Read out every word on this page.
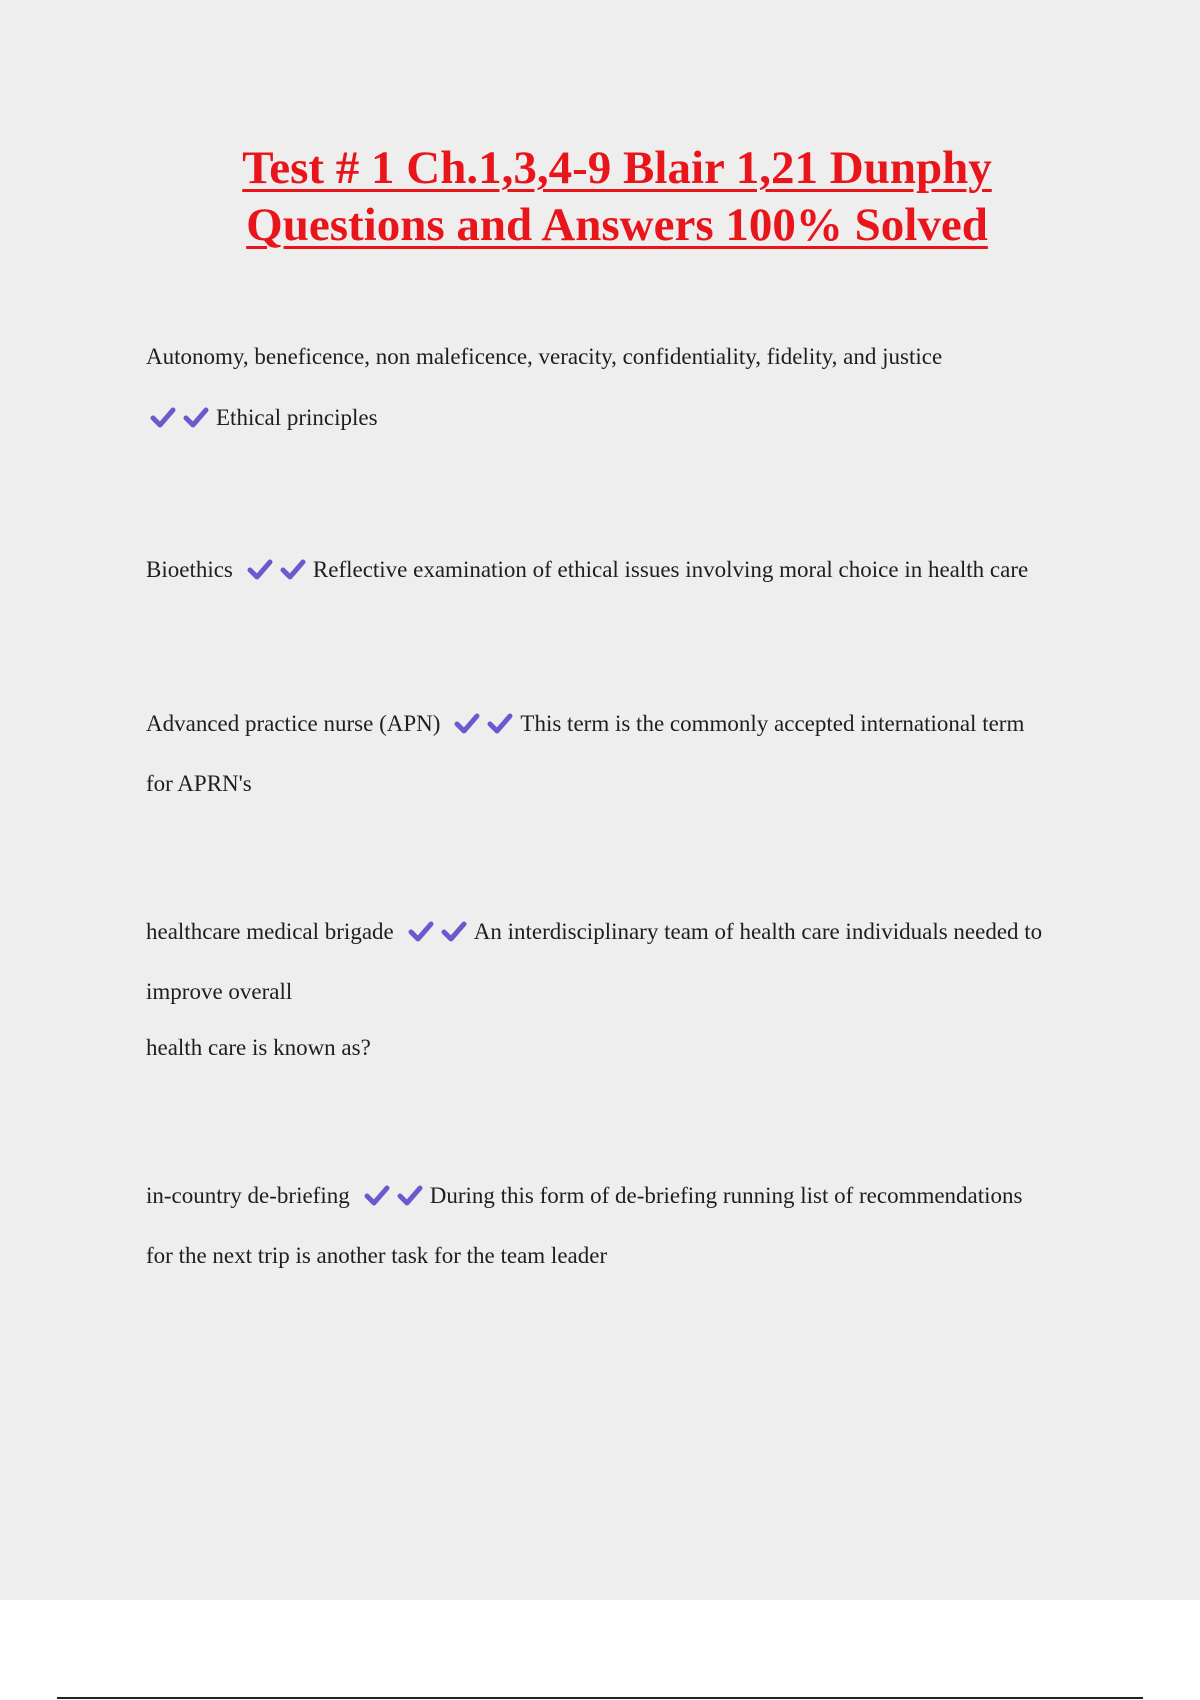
Test # 1 Ch.1,3,4-9 Blair 1,21 Dunphy
Questions and Answers 100% Solved
Autonomy, beneficence, non maleficence, veracity, confidentiality, fidelity, and justice
Ethical principles
Bioethics	Reflective examination of ethical issues involving moral choice in health care
Advanced practice nurse (APN)	This term is the commonly accepted international term
for APRN's
healthcare medical brigade	An interdisciplinary team of health care individuals needed to
improve overall
health care is known as?
in-country de-briefing	During this form of de-briefing running list of recommendations
for the next trip is another task for the team leader
